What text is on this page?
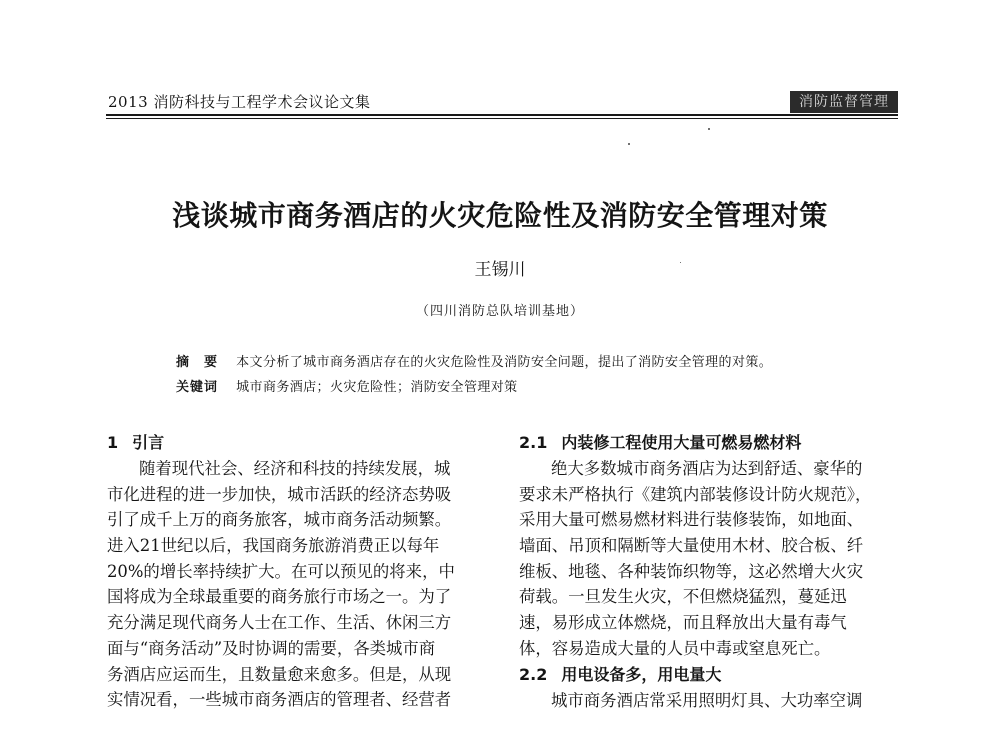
2013 消防科技与工程学术会议论文集	消防监督管理
浅谈城市商务酒店的火灾危险性及消防安全管理对策
王锡川
（四川消防总队培训基地）
摘　要 本文分析了城市商务酒店存在的火灾危险性及消防安全问题，提出了消防安全管理的对策。
关键词 城市商务酒店；火灾危险性；消防安全管理对策
1 引言
随着现代社会、经济和科技的持续发展，城
市化进程的进一步加快，城市活跃的经济态势吸
引了成千上万的商务旅客，城市商务活动频繁。
进入21世纪以后，我国商务旅游消费正以每年
20%的增长率持续扩大。在可以预见的将来，中
国将成为全球最重要的商务旅行市场之一。为了
充分满足现代商务人士在工作、生活、休闲三方
面与“商务活动”及时协调的需要，各类城市商
务酒店应运而生，且数量愈来愈多。但是，从现
实情况看，一些城市商务酒店的管理者、经营者
2.1 内装修工程使用大量可燃易燃材料
绝大多数城市商务酒店为达到舒适、豪华的
要求未严格执行《建筑内部装修设计防火规范》，
采用大量可燃易燃材料进行装修装饰，如地面、
墙面、吊顶和隔断等大量使用木材、胶合板、纤
维板、地毯、各种装饰织物等，这必然增大火灾
荷载。一旦发生火灾，不但燃烧猛烈，蔓延迅
速，易形成立体燃烧，而且释放出大量有毒气
体，容易造成大量的人员中毒或窒息死亡。
2.2 用电设备多，用电量大
城市商务酒店常采用照明灯具、大功率空调
